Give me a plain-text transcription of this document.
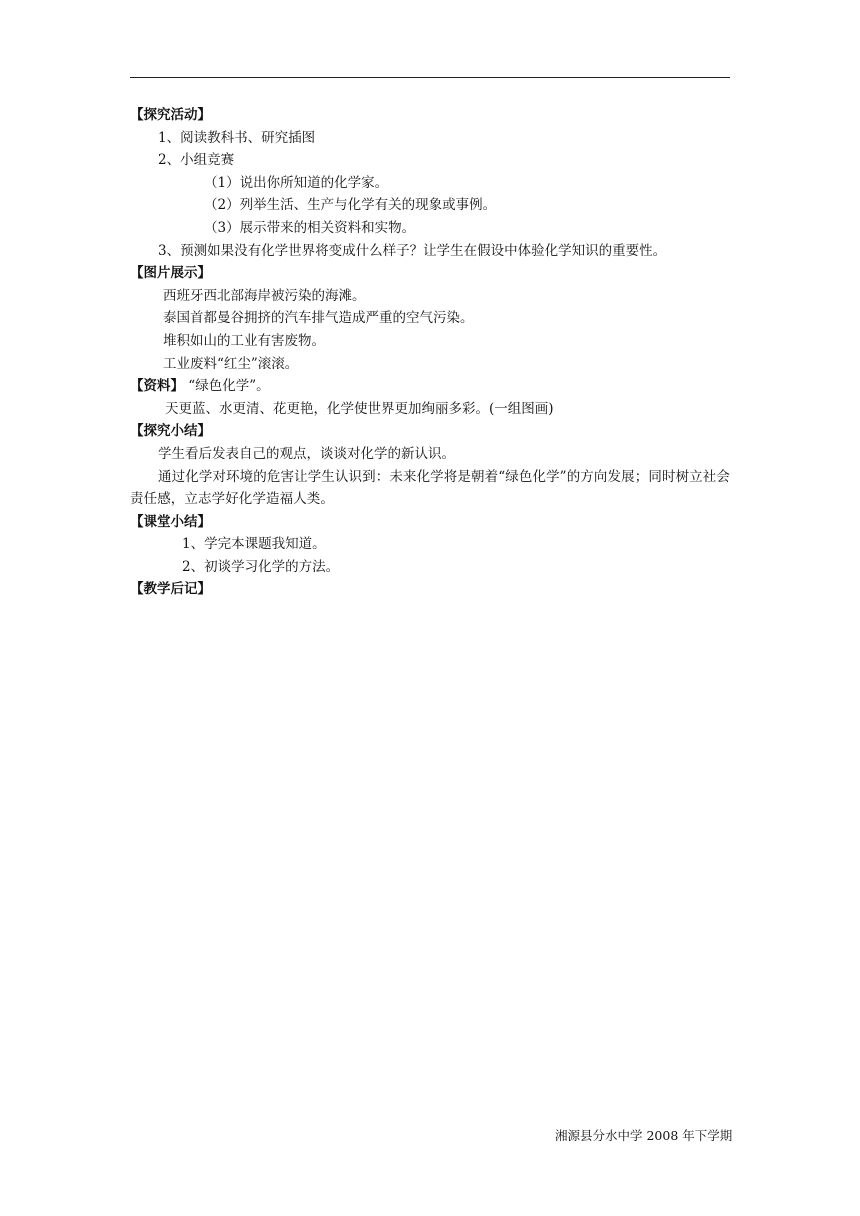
【探究活动】
1、阅读教科书、研究插图
2、小组竞赛
（1）说出你所知道的化学家。
（2）列举生活、生产与化学有关的现象或事例。
（3）展示带来的相关资料和实物。
3、预测如果没有化学世界将变成什么样子？让学生在假设中体验化学知识的重要性。
【图片展示】
西班牙西北部海岸被污染的海滩。
泰国首都曼谷拥挤的汽车排气造成严重的空气污染。
堆积如山的工业有害废物。
工业废料“红尘”滚滚。
【资料】 “绿色化学”。
天更蓝、水更清、花更艳，化学使世界更加绚丽多彩。(一组图画)
【探究小结】
学生看后发表自己的观点，谈谈对化学的新认识。
通过化学对环境的危害让学生认识到：未来化学将是朝着“绿色化学”的方向发展；同时树立社会责任感，立志学好化学造福人类。
【课堂小结】
1、学完本课题我知道。
2、初谈学习化学的方法。
【教学后记】
湘源县分水中学 2008 年下学期
